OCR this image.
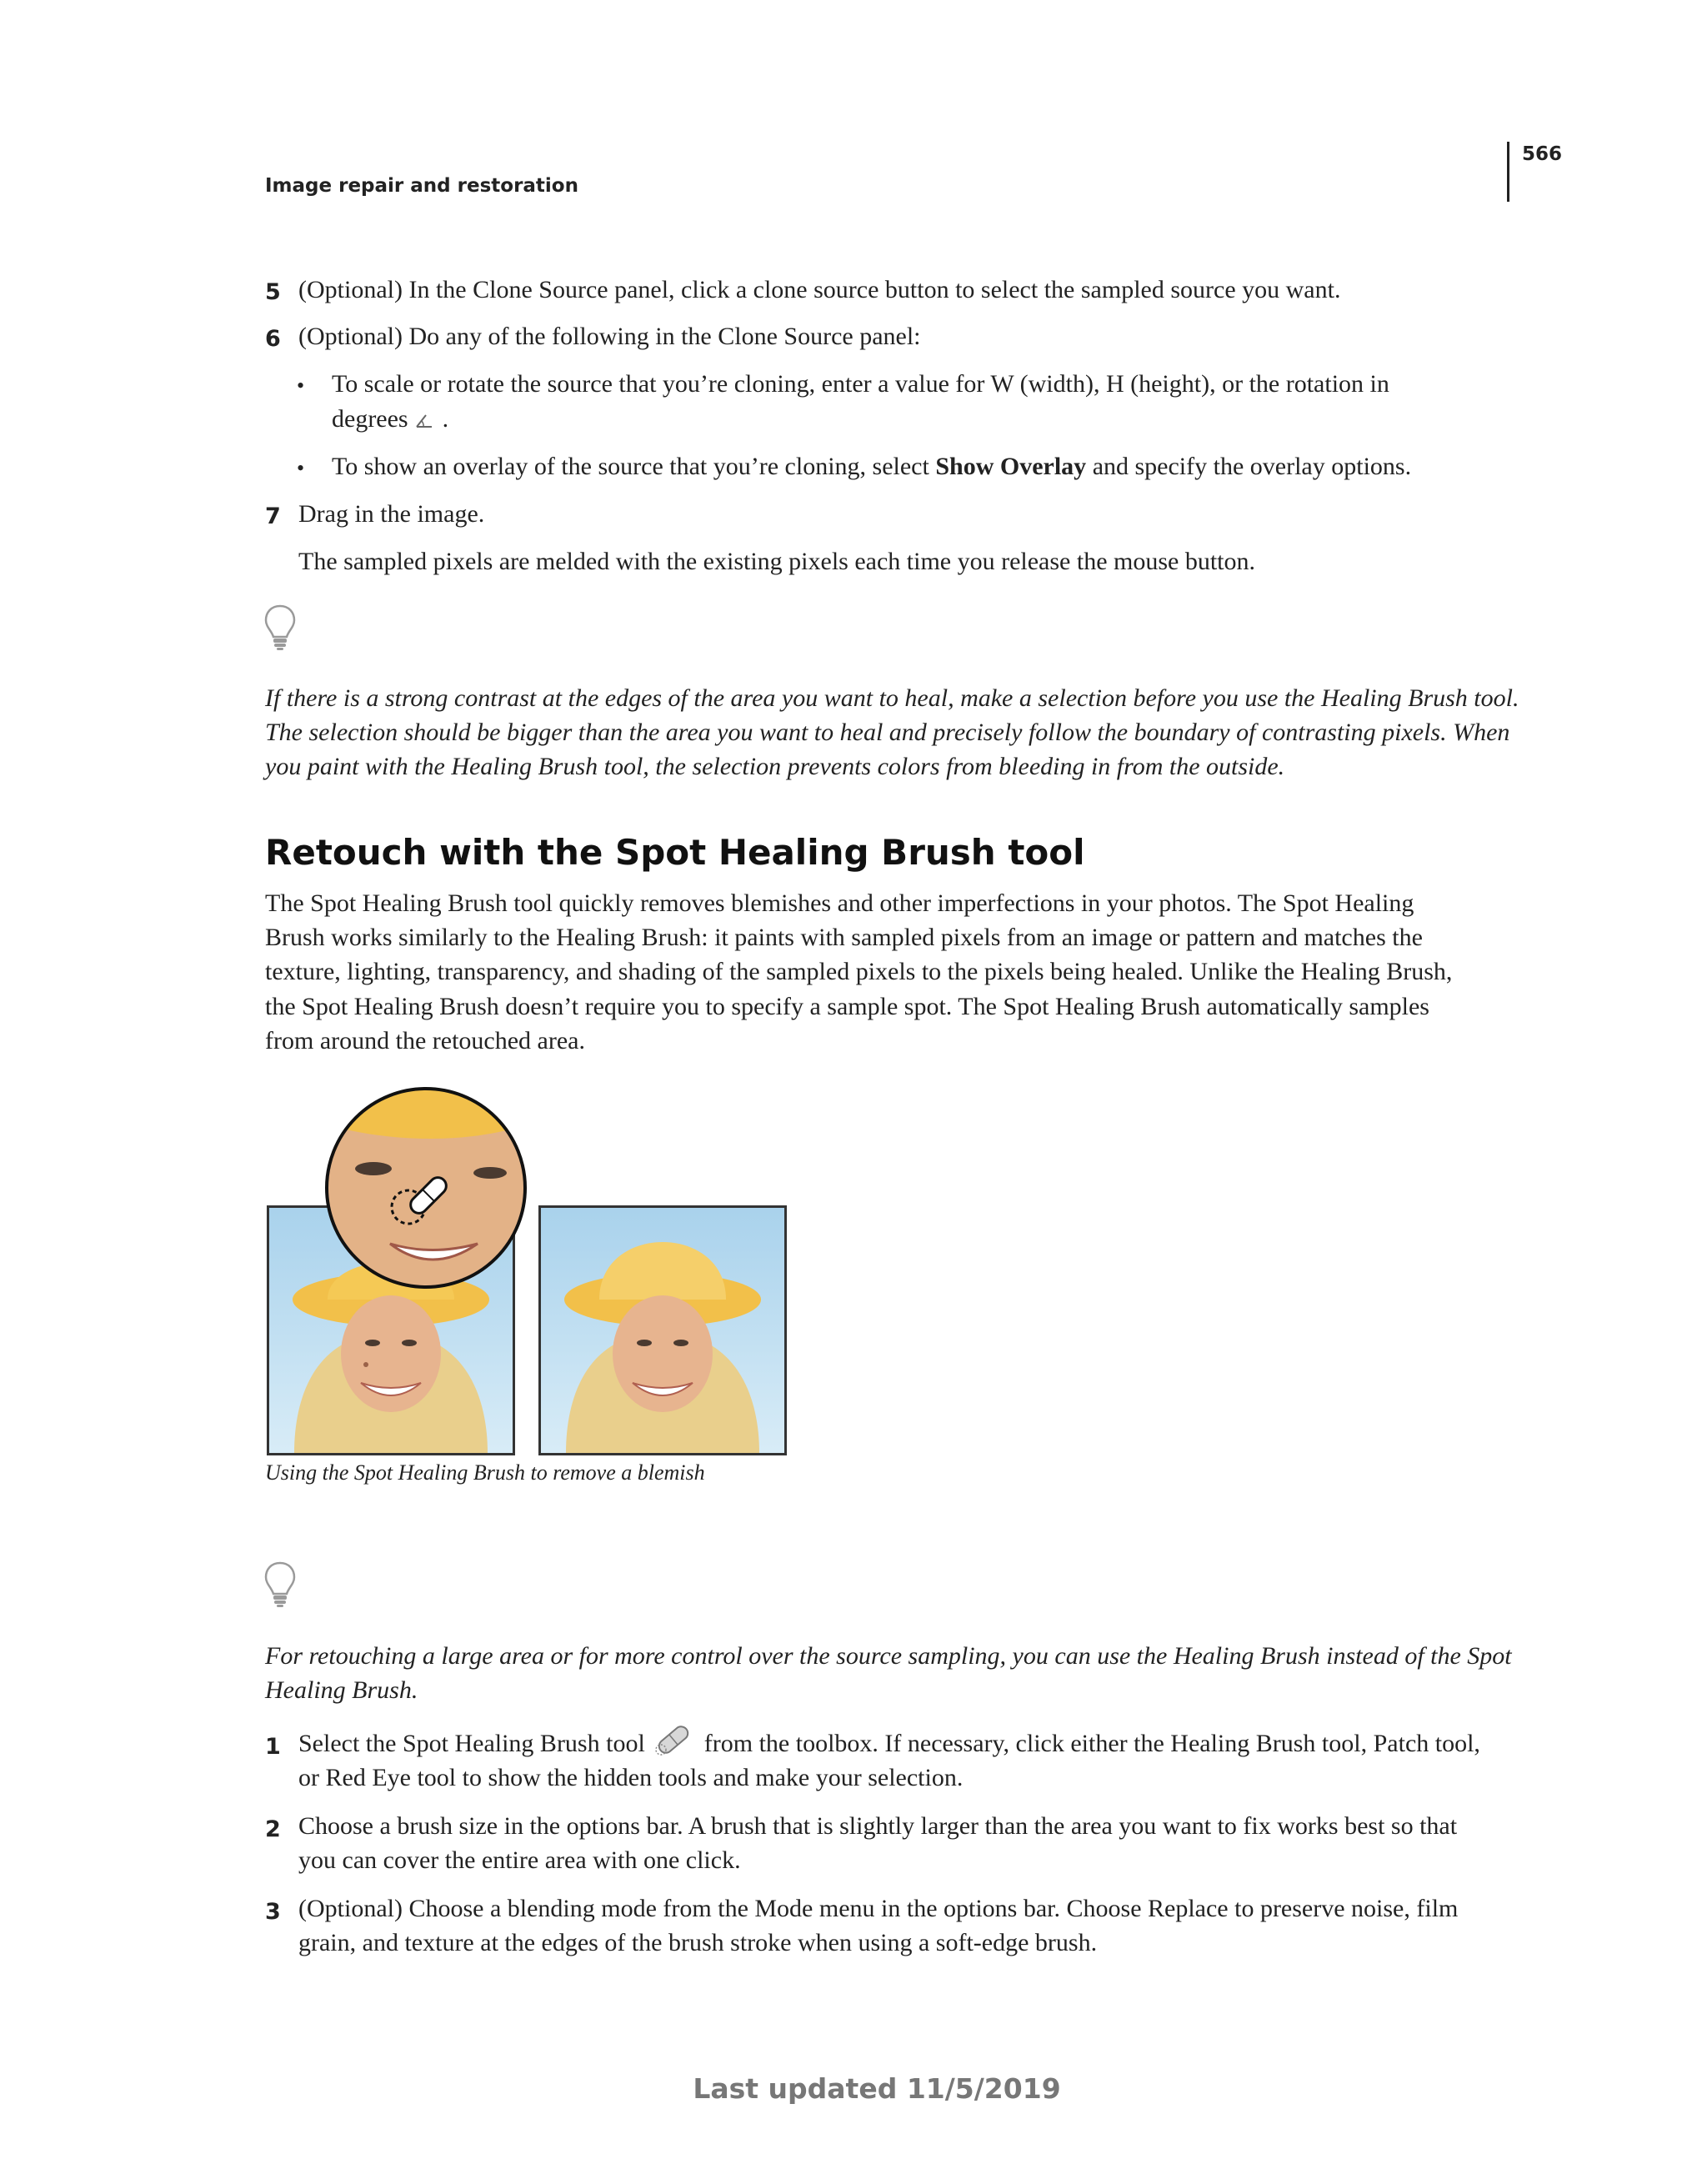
566
Image repair and restoration
5 (Optional) In the Clone Source panel, click a clone source button to select the sampled source you want.
6 (Optional) Do any of the following in the Clone Source panel:
• To scale or rotate the source that you’re cloning, enter a value for W (width), H (height), or the rotation in
degrees .
• To show an overlay of the source that you’re cloning, select Show Overlay and specify the overlay options.
7 Drag in the image.
The sampled pixels are melded with the existing pixels each time you release the mouse button.
If there is a strong contrast at the edges of the area you want to heal, make a selection before you use the Healing Brush tool.
The selection should be bigger than the area you want to heal and precisely follow the boundary of contrasting pixels. When
you paint with the Healing Brush tool, the selection prevents colors from bleeding in from the outside.
Retouch with the Spot Healing Brush tool
The Spot Healing Brush tool quickly removes blemishes and other imperfections in your photos. The Spot Healing
Brush works similarly to the Healing Brush: it paints with sampled pixels from an image or pattern and matches the
texture, lighting, transparency, and shading of the sampled pixels to the pixels being healed. Unlike the Healing Brush,
the Spot Healing Brush doesn’t require you to specify a sample spot. The Spot Healing Brush automatically samples
from around the retouched area.
Using the Spot Healing Brush to remove a blemish
For retouching a large area or for more control over the source sampling, you can use the Healing Brush instead of the Spot
Healing Brush.
1 Select the Spot Healing Brush tool from the toolbox. If necessary, click either the Healing Brush tool, Patch tool,
or Red Eye tool to show the hidden tools and make your selection.
2 Choose a brush size in the options bar. A brush that is slightly larger than the area you want to fix works best so that
you can cover the entire area with one click.
3 (Optional) Choose a blending mode from the Mode menu in the options bar. Choose Replace to preserve noise, film
grain, and texture at the edges of the brush stroke when using a soft-edge brush.
Last updated 11/5/2019
